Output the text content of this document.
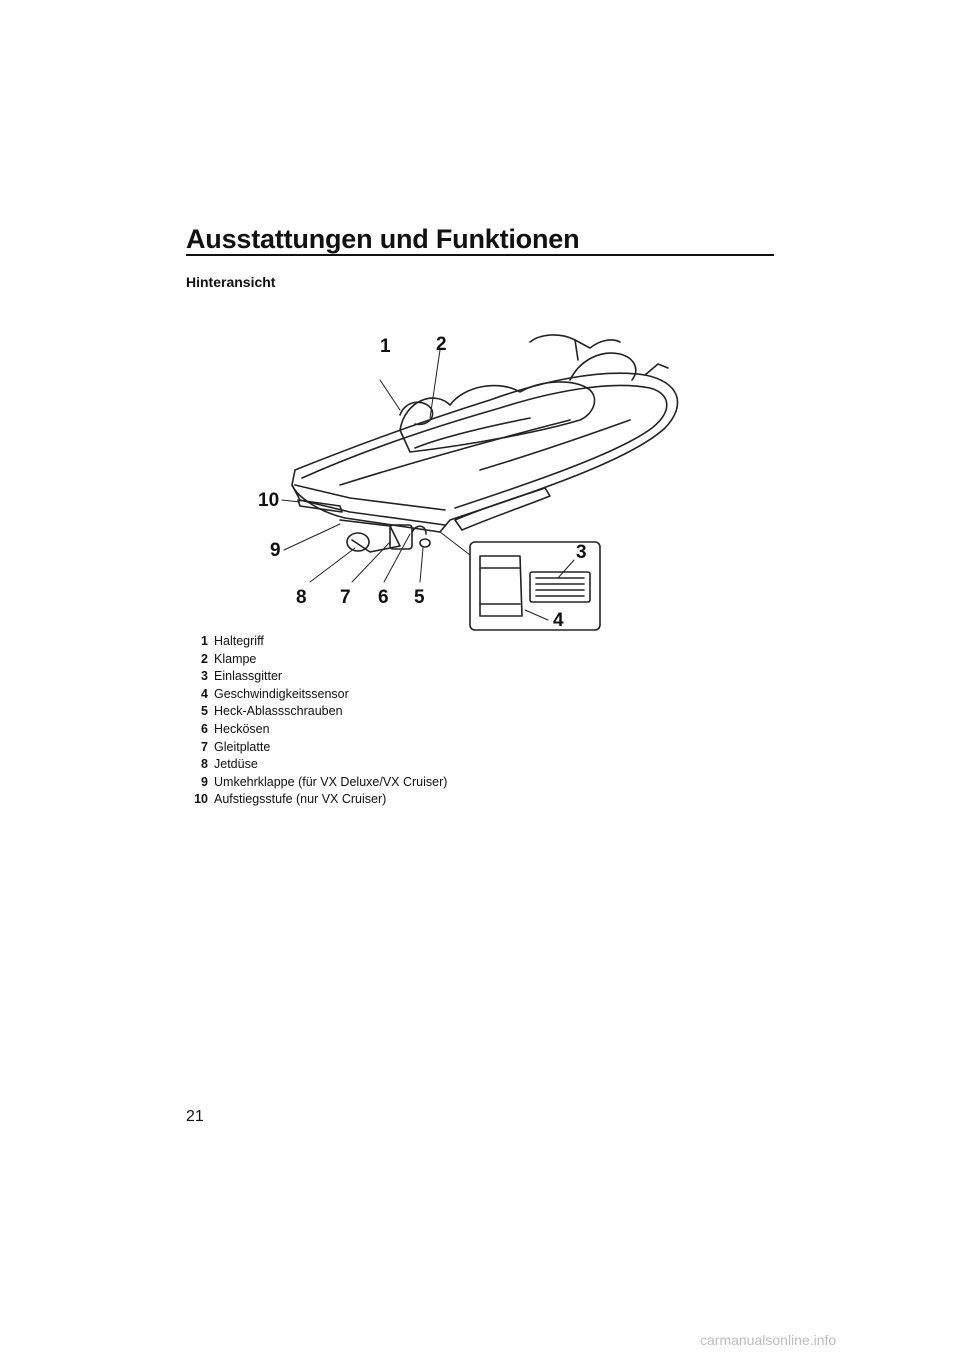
Ausstattungen und Funktionen
Hinteransicht
1 2
3
4
5
6
7
8
9
10
1 Haltegriff
2 Klampe
3 Einlassgitter
4 Geschwindigkeitssensor
5 Heck-Ablassschrauben
6 Heckösen
7 Gleitplatte
8 Jetdüse
9 Umkehrklappe (für VX Deluxe/VX Cruiser)
10 Aufstiegsstufe (nur VX Cruiser)
21
carmanualsonline.info
